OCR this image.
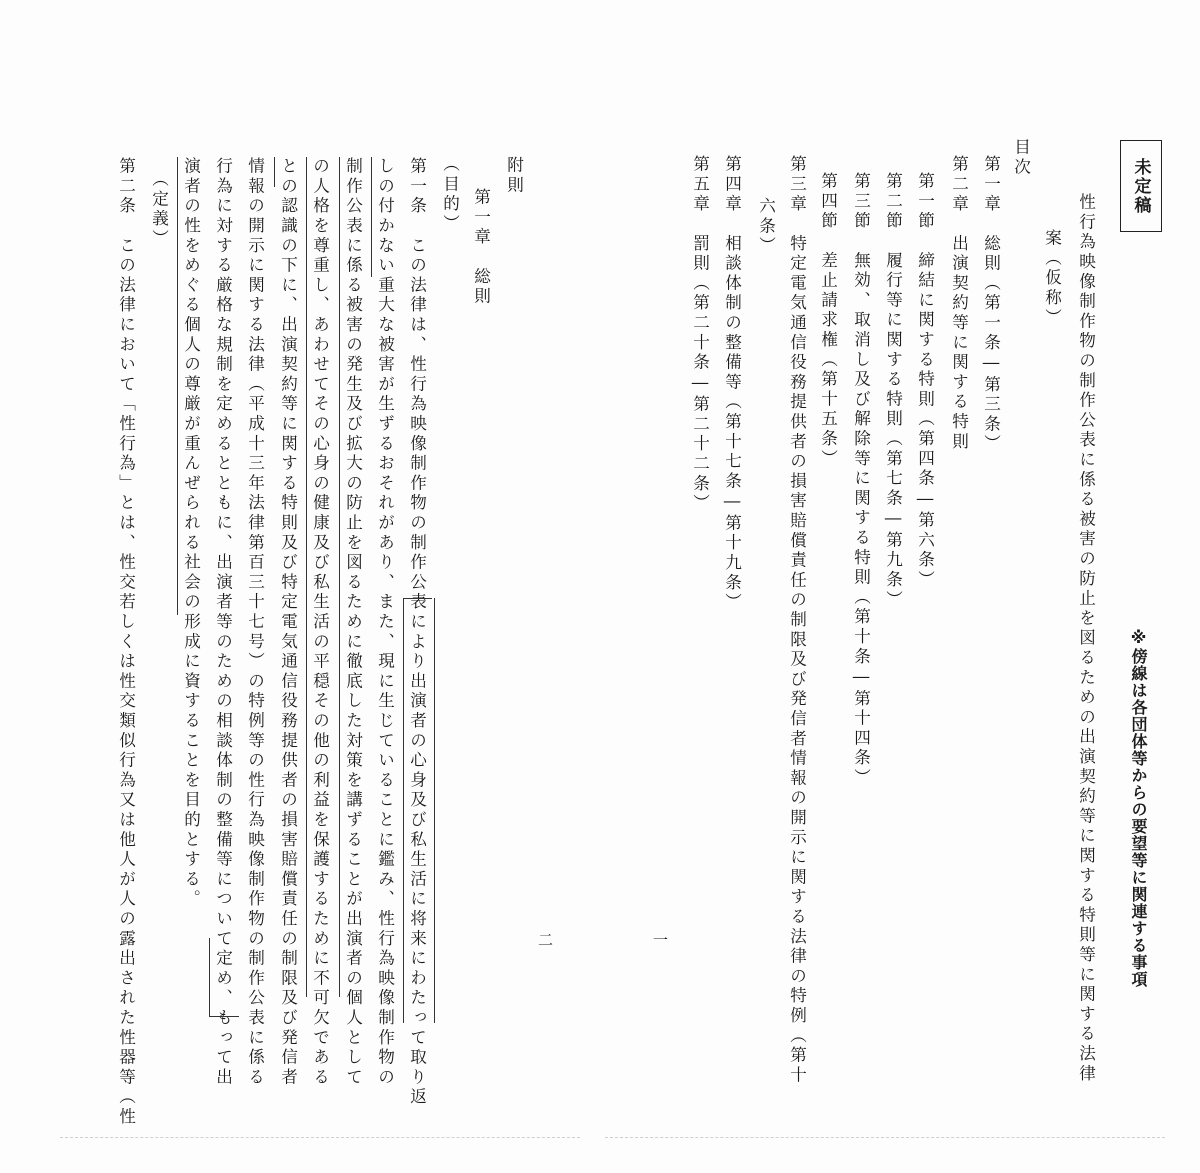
未定稿
※傍線は各団体等からの要望等に関連する事項
性行為映像制作物の制作公表に係る被害の防止を図るための出演契約等に関する特則等に関する法律
案（仮称）
目次
第一章　総則（第一条―第三条）
第二章　出演契約等に関する特則
第一節　締結に関する特則（第四条―第六条）
第二節　履行等に関する特則（第七条―第九条）
第三節　無効、取消し及び解除等に関する特則（第十条―第十四条）
第四節　差止請求権（第十五条）
第三章　特定電気通信役務提供者の損害賠償責任の制限及び発信者情報の開示に関する法律の特例（第十
六条）
第四章　相談体制の整備等（第十七条―第十九条）
第五章　罰則（第二十条―第二十二条）
一
二
附則
第一章　総則
（目的）
第一条　この法律は、性行為映像制作物の制作公表により出演者の心身及び私生活に将来にわたって取り返
しの付かない重大な被害が生ずるおそれがあり、また、現に生じていることに鑑み、性行為映像制作物の
制作公表に係る被害の発生及び拡大の防止を図るために徹底した対策を講ずることが出演者の個人として
の人格を尊重し、あわせてその心身の健康及び私生活の平穏その他の利益を保護するために不可欠である
との認識の下に、出演契約等に関する特則及び特定電気通信役務提供者の損害賠償責任の制限及び発信者
情報の開示に関する法律（平成十三年法律第百三十七号）の特例等の性行為映像制作物の制作公表に係る
行為に対する厳格な規制を定めるとともに、出演者等のための相談体制の整備等について定め、もって出
演者の性をめぐる個人の尊厳が重んぜられる社会の形成に資することを目的とする。
（定義）
第二条　この法律において「性行為」とは、性交若しくは性交類似行為又は他人が人の露出された性器等（性
